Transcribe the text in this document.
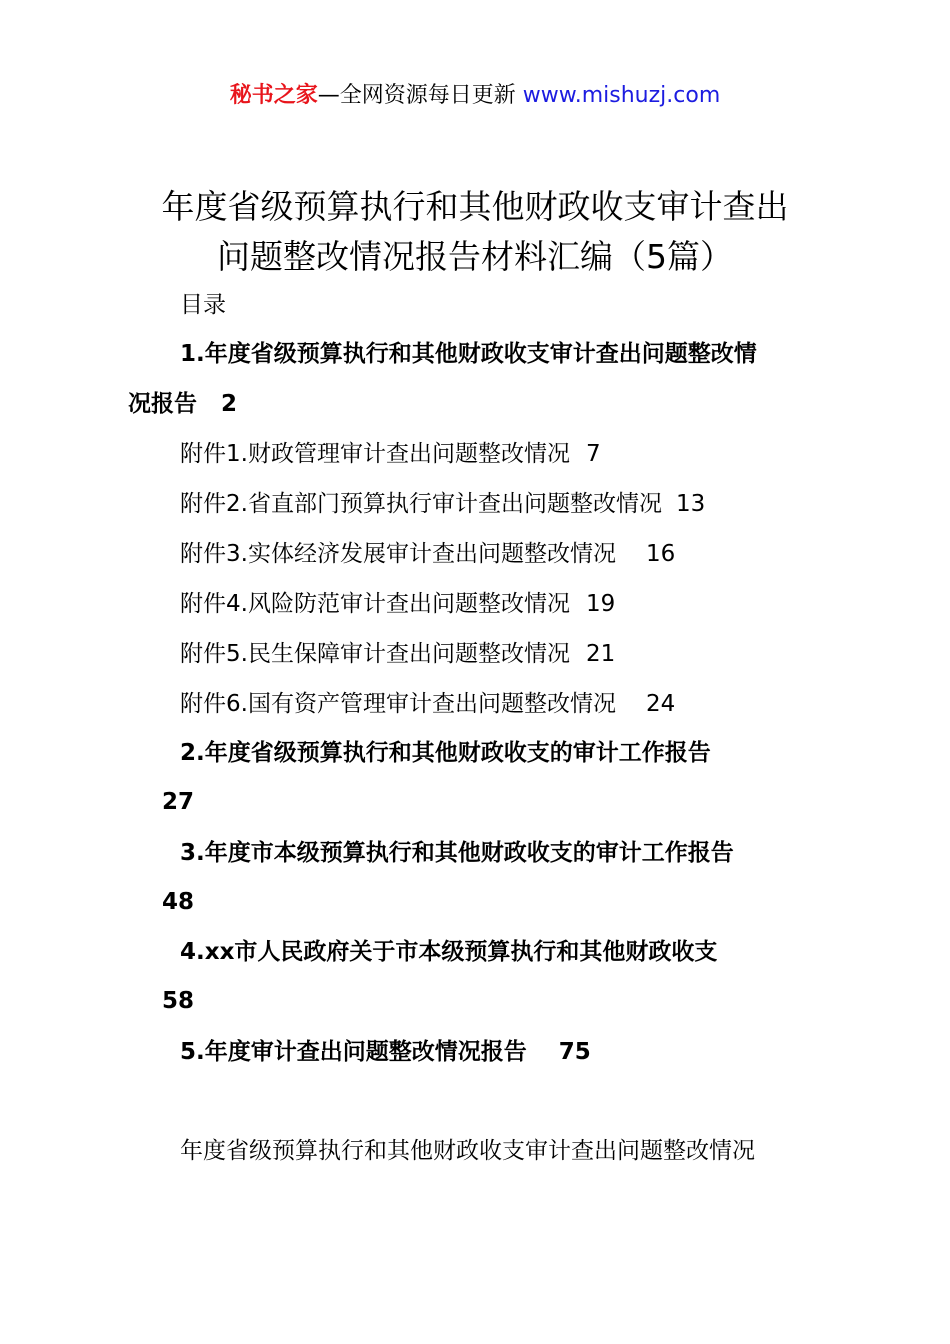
秘书之家—全网资源每日更新 www.mishuzj.com
年度省级预算执行和其他财政收支审计查出
问题整改情况报告材料汇编（5篇）
目录
1.年度省级预算执行和其他财政收支审计查出问题整改情
况报告 2
附件1.财政管理审计查出问题整改情况 7
附件2.省直部门预算执行审计查出问题整改情况 13
附件3.实体经济发展审计查出问题整改情况 16
附件4.风险防范审计查出问题整改情况 19
附件5.民生保障审计查出问题整改情况 21
附件6.国有资产管理审计查出问题整改情况 24
2.年度省级预算执行和其他财政收支的审计工作报告
27
3.年度市本级预算执行和其他财政收支的审计工作报告
48
4.xx市人民政府关于市本级预算执行和其他财政收支
58
5.年度审计查出问题整改情况报告 75
年度省级预算执行和其他财政收支审计查出问题整改情况
